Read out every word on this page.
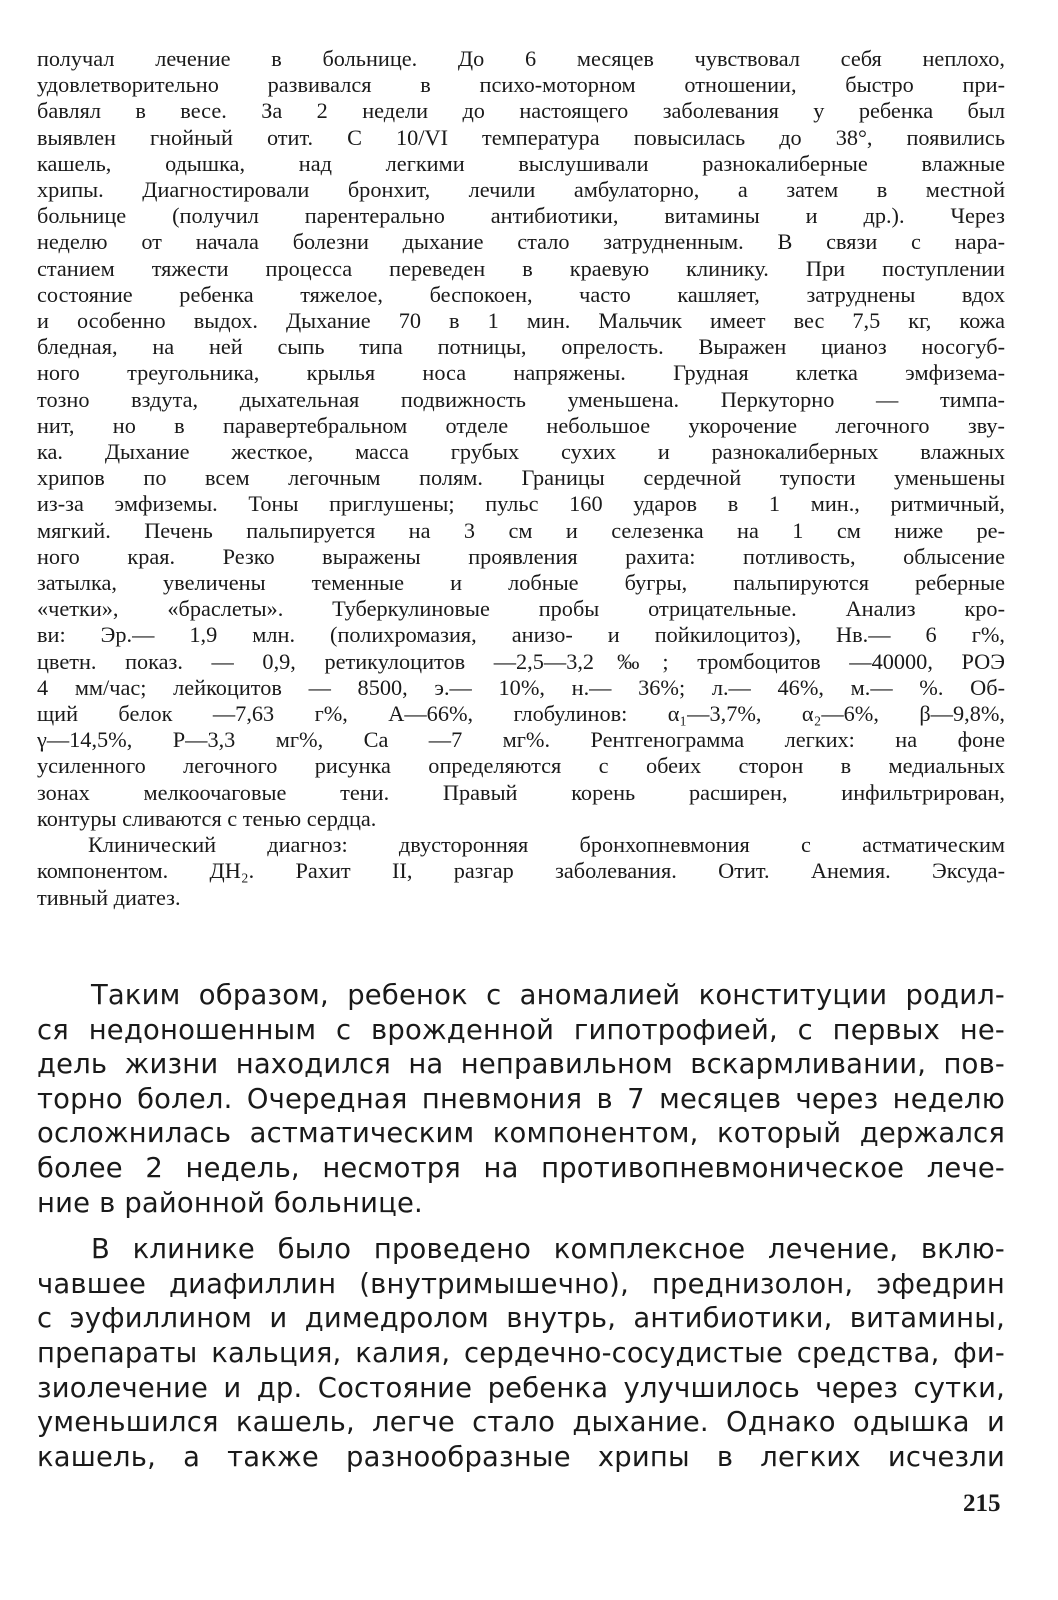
получал лечение в больнице. До 6 месяцев чувствовал себя неплохо,
удовлетворительно развивался в психо-моторном отношении, быстро при-
бавлял в весе. За 2 недели до настоящего заболевания у ребенка был
выявлен гнойный отит. С 10/VI температура повысилась до 38°, появились
кашель, одышка, над легкими выслушивали разнокалиберные влажные
хрипы. Диагностировали бронхит, лечили амбулаторно, а затем в местной
больнице (получил парентерально антибиотики, витамины и др.). Через
неделю от начала болезни дыхание стало затрудненным. В связи с нара-
станием тяжести процесса переведен в краевую клинику. При поступлении
состояние ребенка тяжелое, беспокоен, часто кашляет, затруднены вдох
и особенно выдох. Дыхание 70 в 1 мин. Мальчик имеет вес 7,5 кг, кожа
бледная, на ней сыпь типа потницы, опрелость. Выражен цианоз носогуб-
ного треугольника, крылья носа напряжены. Грудная клетка эмфизема-
тозно вздута, дыхательная подвижность уменьшена. Перкуторно — тимпа-
нит, но в паравертебральном отделе небольшое укорочение легочного зву-
ка. Дыхание жесткое, масса грубых сухих и разнокалиберных влажных
хрипов по всем легочным полям. Границы сердечной тупости уменьшены
из-за эмфиземы. Тоны приглушены; пульс 160 ударов в 1 мин., ритмичный,
мягкий. Печень пальпируется на 3 см и селезенка на 1 см ниже ре-
ного края. Резко выражены проявления рахита: потливость, облысение
затылка, увеличены теменные и лобные бугры, пальпируются реберные
«четки», «браслеты». Туберкулиновые пробы отрицательные. Анализ кро-
ви: Эр.— 1,9 млн. (полихромазия, анизо- и пойкилоцитоз), Нв.— 6 г%,
цветн. показ. — 0,9, ретикулоцитов —2,5—3,2‰; тромбоцитов —40000, РОЭ
4 мм/час; лейкоцитов — 8500, э.— 10%, н.— 36%; л.— 46%, м.— %. Об-
щий белок —7,63 г%, А—66%, глобулинов: α₁—3,7%, α₂—6%, β—9,8%,
γ—14,5%, Р—3,3 мг%, Са —7 мг%. Рентгенограмма легких: на фоне
усиленного легочного рисунка определяются с обеих сторон в медиальных
зонах мелкоочаговые тени. Правый корень расширен, инфильтрирован,
контуры сливаются с тенью сердца.
Клинический диагноз: двусторонняя бронхопневмония с астматическим
компонентом. ДН₂. Рахит II, разгар заболевания. Отит. Анемия. Эксуда-
тивный диатез.
Таким образом, ребенок с аномалией конституции родил-
ся недоношенным с врожденной гипотрофией, с первых не-
дель жизни находился на неправильном вскармливании, пов-
торно болел. Очередная пневмония в 7 месяцев через неделю
осложнилась астматическим компонентом, который держался
более 2 недель, несмотря на противопневмоническое лече-
ние в районной больнице.
В клинике было проведено комплексное лечение, вклю-
чавшее диафиллин (внутримышечно), преднизолон, эфедрин
с эуфиллином и димедролом внутрь, антибиотики, витамины,
препараты кальция, калия, сердечно-сосудистые средства, фи-
зиолечение и др. Состояние ребенка улучшилось через сутки,
уменьшился кашель, легче стало дыхание. Однако одышка и
кашель, а также разнообразные хрипы в легких исчезли
215
